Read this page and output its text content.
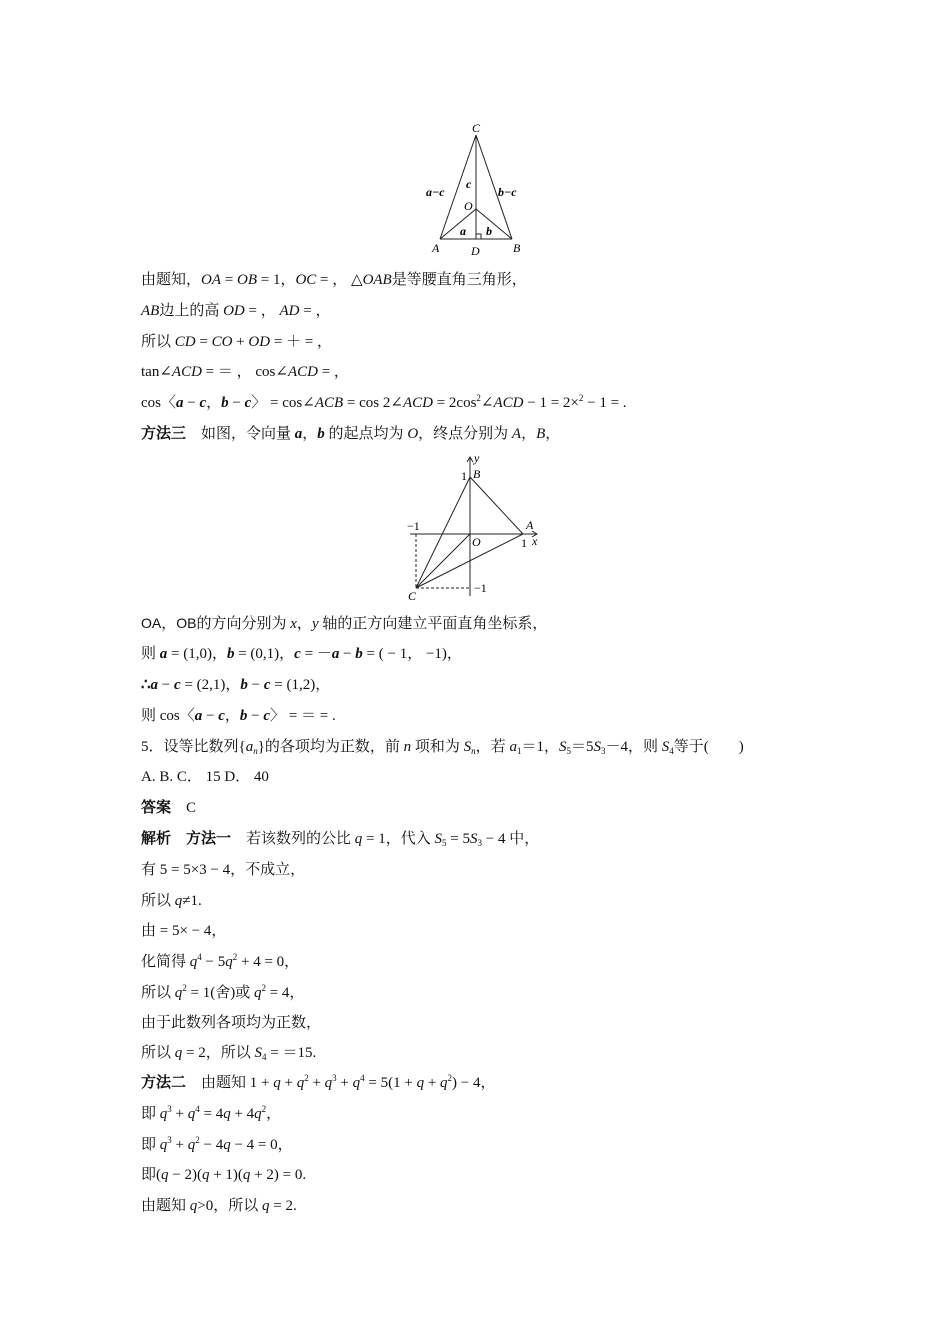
C
a−c	b−c
c
O
a b
A	D	B
y
1 B
−1	A
O	1 x
−1
C
由题知，OA = OB = 1，OC = ， △OAB是等腰直角三角形，
AB边上的高 OD = ， AD = ，
所以 CD = CO + OD = ＋ = ，
tan∠ACD = ＝ ， cos∠ACD = ，
cos〈a − c，b − c〉 = cos∠ACB = cos 2∠ACD = $2\cos^2\angle ACD - 1 = 2\times^2 - 1$ = .
方法三　如图，令向量 a，b 的起点均为 O，终点分别为 A，B，
OA，OB的方向分别为 x，y 轴的正方向建立平面直角坐标系，
则 a = (1,0)，b = (0,1)，c = －a − b = ( − 1， −1)，
∴a − c = (2,1)，b − c = (1,2)，
则 cos〈a − c，b − c〉 = ＝ = .
5．设等比数列$\{a_n\}$的各项均为正数，前 n 项和为 $S_n$，若 $a_1=1$，$S_5=5S_3-4$，则 $S_4$等于(　　)
A. B. C． 15 D． 40
答案　C
解析　方法一　若该数列的公比 q = 1，代入 $S_5 = 5S_3 - 4$ 中，
有 5 = 5×3 − 4，不成立，
所以 q≠1.
由 = 5× − 4，
化简得 $q^4 - 5q^2 + 4 = 0$，
所以 $q^2 = 1$(舍)或 $q^2 = 4$，
由于此数列各项均为正数，
所以 q = 2，所以 $S_4 = =15$.
方法二　由题知 $1 + q + q^2 + q^3 + q^4 = 5(1 + q + q^2) - 4$，
即 $q^3 + q^4 = 4q + 4q^2$，
即 $q^3 + q^2 - 4q - 4 = 0$，
即(q − 2)(q + 1)(q + 2) = 0.
由题知 q>0，所以 q = 2.
